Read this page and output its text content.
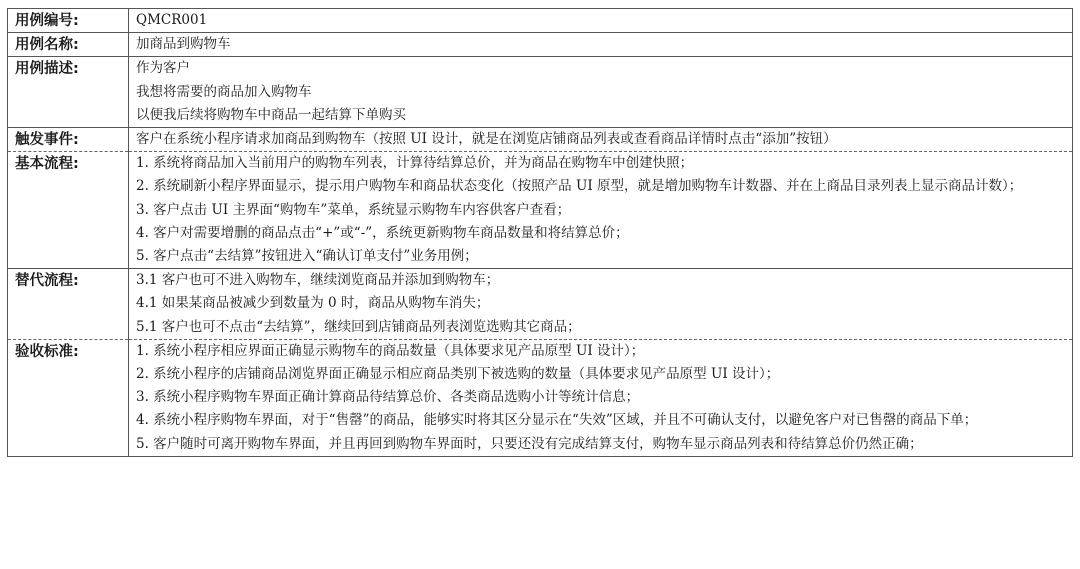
用例编号:	QMCR001

用例名称:	加商品到购物车

用例描述:	作为客户
我想将需要的商品加入购物车
以便我后续将购物车中商品一起结算下单购买

触发事件:	客户在系统小程序请求加商品到购物车（按照 UI 设计，就是在浏览店铺商品列表或查看商品详情时点击“添加”按钮）

基本流程:	1. 系统将商品加入当前用户的购物车列表，计算待结算总价，并为商品在购物车中创建快照；
2. 系统刷新小程序界面显示，提示用户购物车和商品状态变化（按照产品 UI 原型，就是增加购物车计数器、并在上商品目录列表上显示商品计数）；
3. 客户点击 UI 主界面“购物车”菜单，系统显示购物车内容供客户查看；
4. 客户对需要增删的商品点击“+”或“-”，系统更新购物车商品数量和将结算总价；
5. 客户点击“去结算”按钮进入“确认订单支付”业务用例；

替代流程:	3.1 客户也可不进入购物车，继续浏览商品并添加到购物车；
4.1 如果某商品被减少到数量为 0 时，商品从购物车消失；
5.1 客户也可不点击“去结算”，继续回到店铺商品列表浏览选购其它商品；

验收标准:	1. 系统小程序相应界面正确显示购物车的商品数量（具体要求见产品原型 UI 设计）；
2. 系统小程序的店铺商品浏览界面正确显示相应商品类别下被选购的数量（具体要求见产品原型 UI 设计）；
3. 系统小程序购物车界面正确计算商品待结算总价、各类商品选购小计等统计信息；
4. 系统小程序购物车界面，对于“售罄”的商品，能够实时将其区分显示在“失效”区域，并且不可确认支付，以避免客户对已售罄的商品下单；
5. 客户随时可离开购物车界面，并且再回到购物车界面时，只要还没有完成结算支付，购物车显示商品列表和待结算总价仍然正确；
